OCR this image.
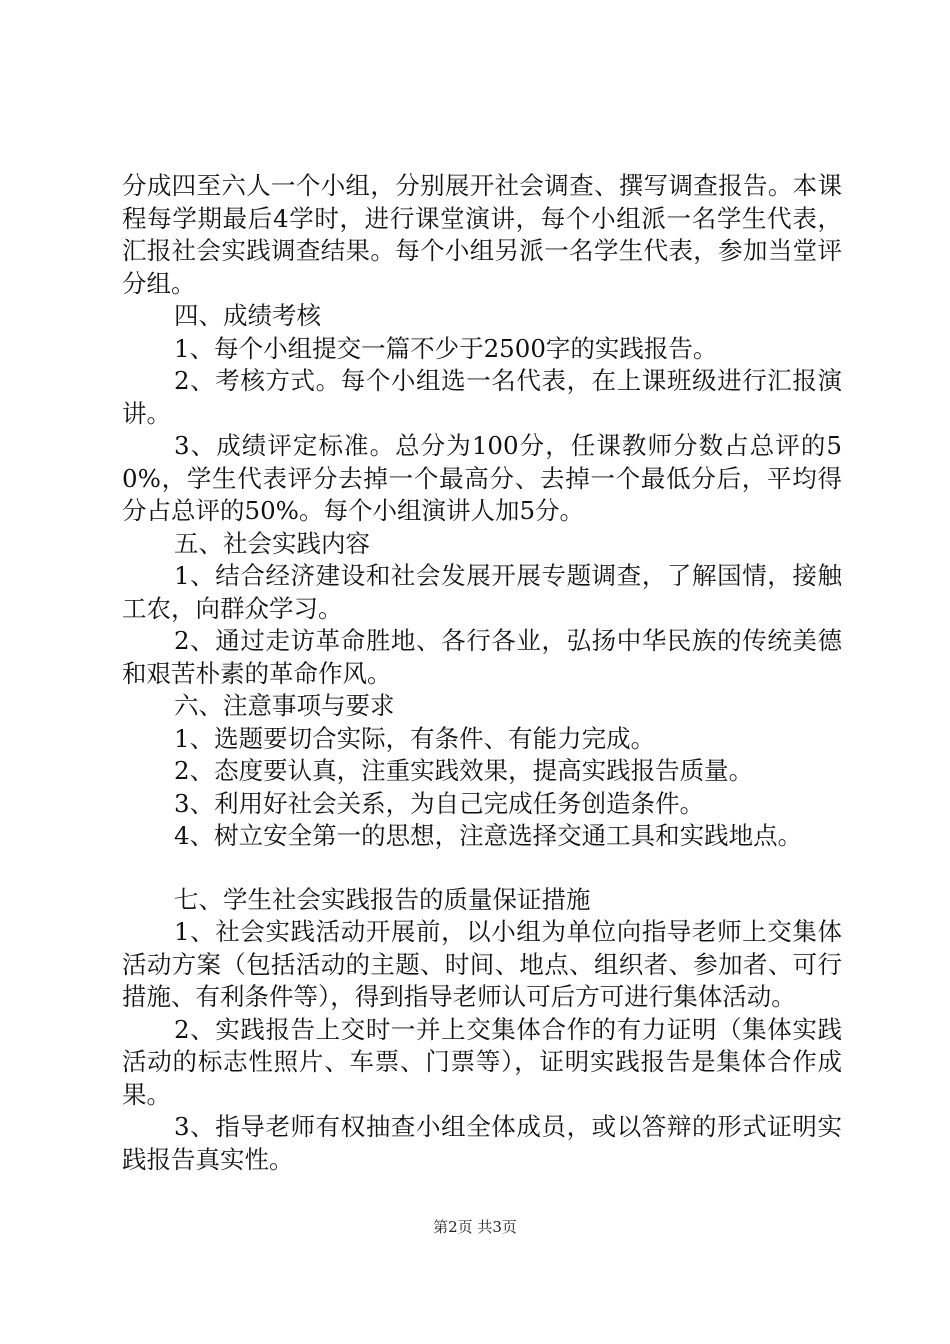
分成四至六人一个小组，分别展开社会调查、撰写调查报告。本课程每学期最后4学时，进行课堂演讲，每个小组派一名学生代表，汇报社会实践调查结果。每个小组另派一名学生代表，参加当堂评分组。

四、成绩考核

1、每个小组提交一篇不少于2500字的实践报告。

2、考核方式。每个小组选一名代表，在上课班级进行汇报演讲。

3、成绩评定标准。总分为100分，任课教师分数占总评的50%，学生代表评分去掉一个最高分、去掉一个最低分后，平均得分占总评的50%。每个小组演讲人加5分。

五、社会实践内容

1、结合经济建设和社会发展开展专题调查，了解国情，接触工农，向群众学习。

2、通过走访革命胜地、各行各业，弘扬中华民族的传统美德和艰苦朴素的革命作风。

六、注意事项与要求

1、选题要切合实际，有条件、有能力完成。

2、态度要认真，注重实践效果，提高实践报告质量。

3、利用好社会关系，为自己完成任务创造条件。

4、树立安全第一的思想，注意选择交通工具和实践地点。

七、学生社会实践报告的质量保证措施

1、社会实践活动开展前，以小组为单位向指导老师上交集体活动方案（包括活动的主题、时间、地点、组织者、参加者、可行措施、有利条件等），得到指导老师认可后方可进行集体活动。

2、实践报告上交时一并上交集体合作的有力证明（集体实践活动的标志性照片、车票、门票等），证明实践报告是集体合作成果。

3、指导老师有权抽查小组全体成员，或以答辩的形式证明实践报告真实性。

第2页 共3页
